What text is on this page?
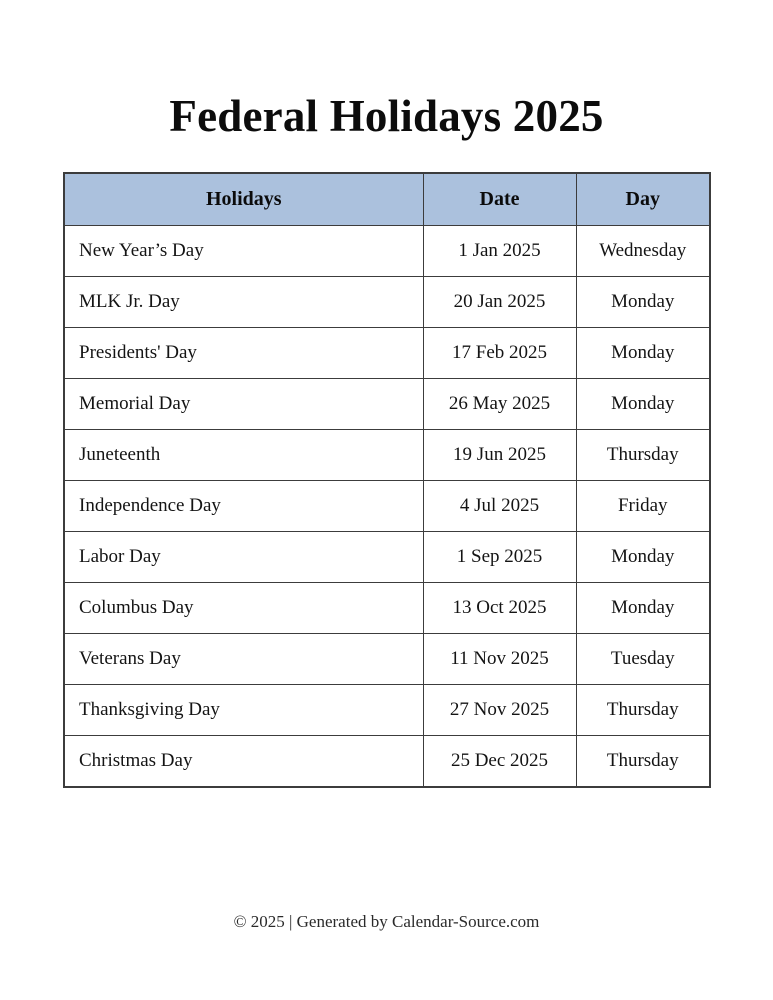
Federal Holidays 2025
Holidays	Date	Day
New Year’s Day	1 Jan 2025	Wednesday
MLK Jr. Day	20 Jan 2025	Monday
Presidents' Day	17 Feb 2025	Monday
Memorial Day	26 May 2025	Monday
Juneteenth	19 Jun 2025	Thursday
Independence Day	4 Jul 2025	Friday
Labor Day	1 Sep 2025	Monday
Columbus Day	13 Oct 2025	Monday
Veterans Day	11 Nov 2025	Tuesday
Thanksgiving Day	27 Nov 2025	Thursday
Christmas Day	25 Dec 2025	Thursday
© 2025 | Generated by Calendar-Source.com
